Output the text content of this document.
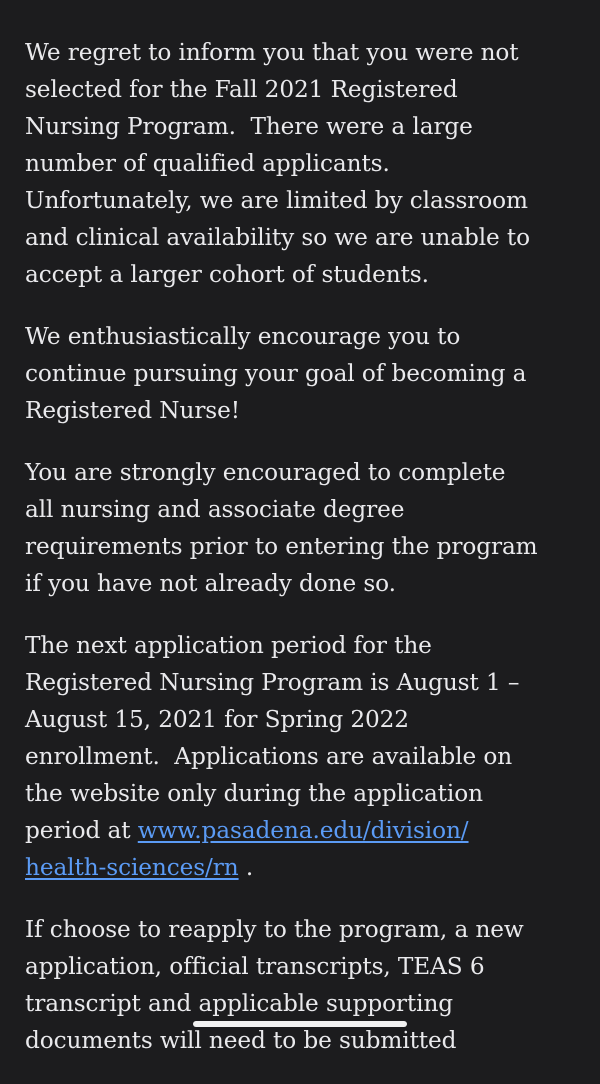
We regret to inform you that you were not
selected for the Fall 2021 Registered
Nursing Program.  There were a large
number of qualified applicants.
Unfortunately, we are limited by classroom
and clinical availability so we are unable to
accept a larger cohort of students.
We enthusiastically encourage you to
continue pursuing your goal of becoming a
Registered Nurse!
You are strongly encouraged to complete
all nursing and associate degree
requirements prior to entering the program
if you have not already done so.
The next application period for the
Registered Nursing Program is August 1 –
August 15, 2021 for Spring 2022
enrollment.  Applications are available on
the website only during the application
period at www.pasadena.edu/division/
health-sciences/rn .
If choose to reapply to the program, a new
application, official transcripts, TEAS 6
transcript and applicable supporting
documents will need to be submitted
